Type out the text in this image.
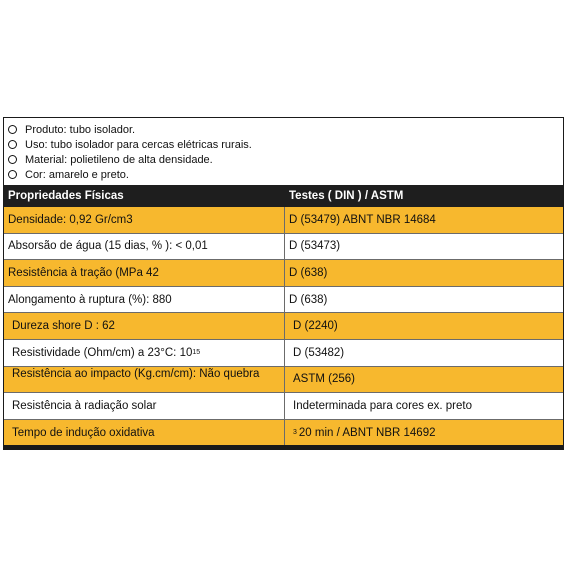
Produto: tubo isolador.
Uso: tubo isolador para cercas elétricas rurais.
Material: polietileno de alta densidade.
Cor: amarelo e preto.
Propriedades Físicas	Testes ( DIN ) / ASTM
Densidade: 0,92 Gr/cm3	D (53479) ABNT NBR 14684
Absorsão de água (15 dias, % ): < 0,01	D (53473)
Resistência à tração (MPa 42	D (638)
Alongamento à ruptura (%): 880	D (638)
Dureza shore D : 62	D (2240)
Resistividade (Ohm/cm) a 23°C: 10 15	D (53482)
Resistência ao impacto (Kg.cm/cm): Não quebra	ASTM (256)
Resistência à radiação solar	Indeterminada para cores ex. preto
Tempo de indução oxidativa	3 20 min / ABNT NBR 14692
